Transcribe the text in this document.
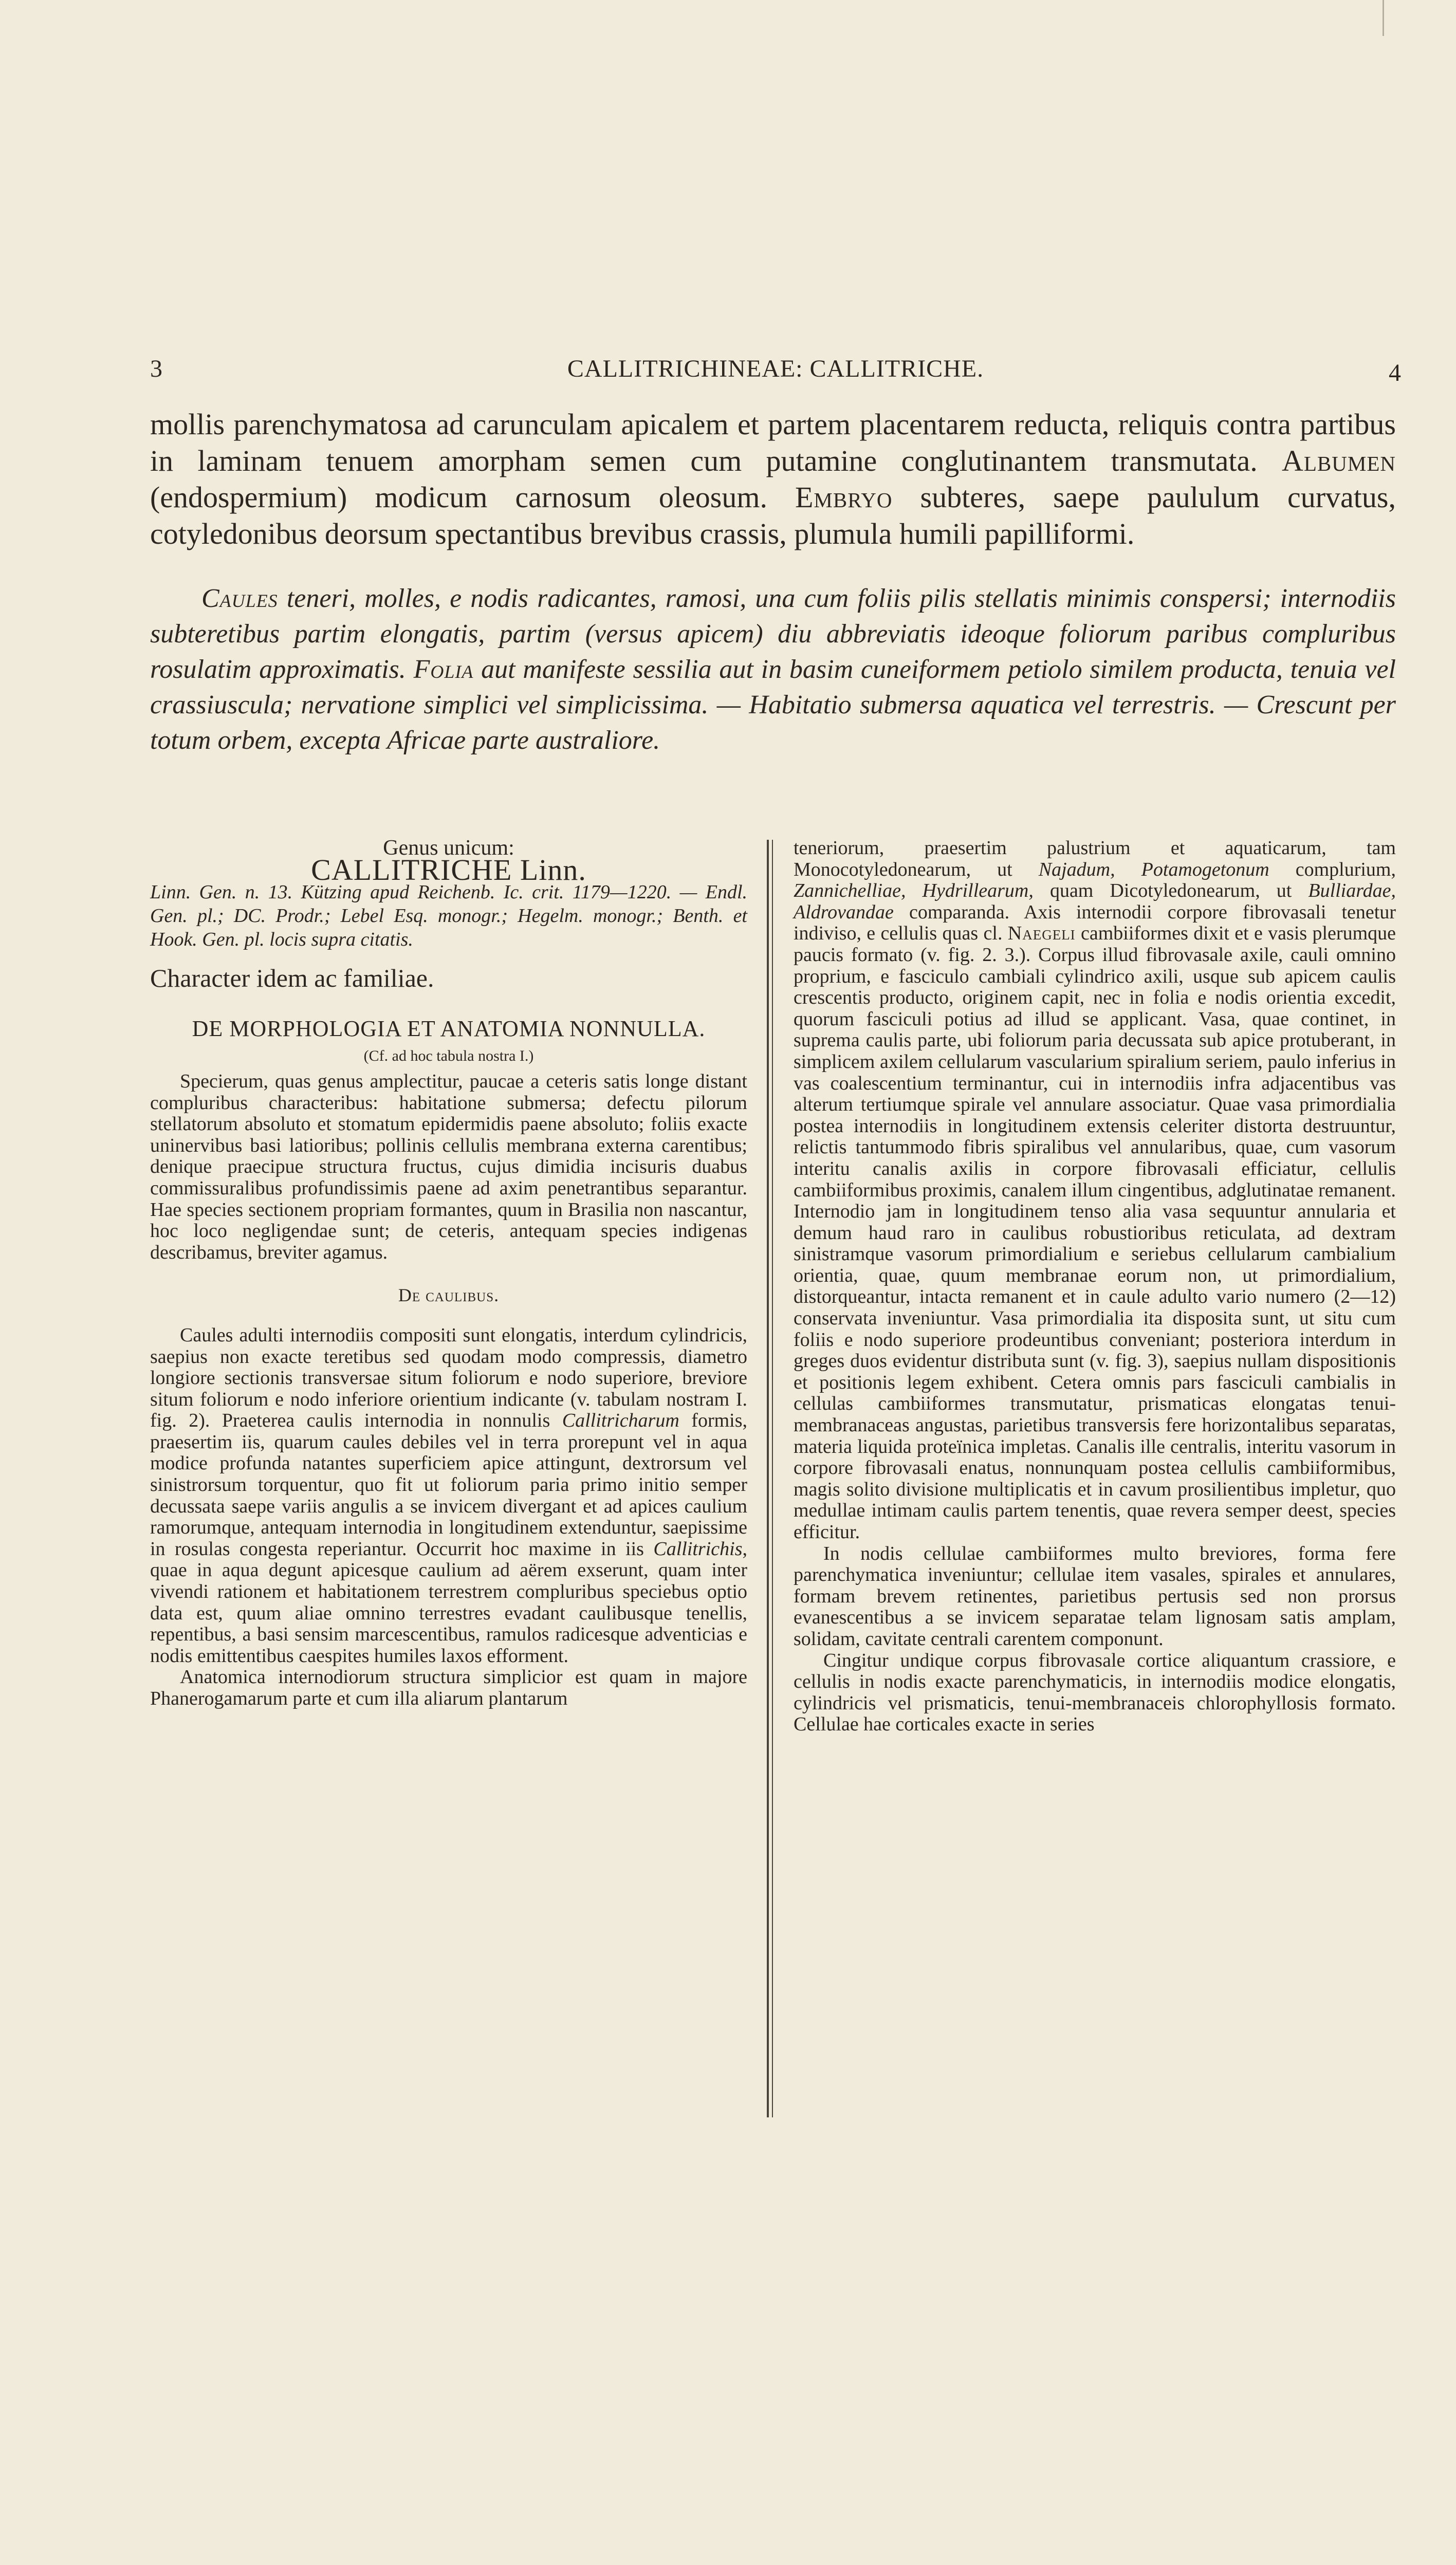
3	CALLITRICHINEAE: CALLITRICHE.	4

mollis parenchymatosa ad carunculam apicalem et partem placentarem reducta, reliquis contra partibus in laminam tenuem amorpham semen cum putamine conglutinantem transmutata. Albumen (endospermium) modicum carnosum oleosum. Embryo subteres, saepe paululum curvatus, cotyledonibus deorsum spectantibus brevibus crassis, plumula humili papilliformi.

Caules teneri, molles, e nodis radicantes, ramosi, una cum foliis pilis stellatis minimis conspersi; internodiis subteretibus partim elongatis, partim (versus apicem) diu abbreviatis ideoque foliorum paribus compluribus rosulatim approximatis. Folia aut manifeste sessilia aut in basim cuneiformem petiolo similem producta, tenuia vel crassiuscula; nervatione simplici vel simplicissima. — Habitatio submersa aquatica vel terrestris. — Crescunt per totum orbem, excepta Africae parte australiore.

Genus unicum:

CALLITRICHE Linn.

Linn. Gen. n. 13. Kützing apud Reichenb. Ic. crit. 1179—1220. — Endl. Gen. pl.; DC. Prodr.; Lebel Esq. monogr.; Hegelm. monogr.; Benth. et Hook. Gen. pl. locis supra citatis.

Character idem ac familiae.

DE MORPHOLOGIA ET ANATOMIA NONNULLA.

(Cf. ad hoc tabula nostra I.)

Specierum, quas genus amplectitur, paucae a ceteris satis longe distant compluribus characteribus: habitatione submersa; defectu pilorum stellatorum absoluto et stomatum epidermidis paene absoluto; foliis exacte uninervibus basi latioribus; pollinis cellulis membrana externa carentibus; denique praecipue structura fructus, cujus dimidia incisuris duabus commissuralibus profundissimis paene ad axim penetrantibus separantur. Hae species sectionem propriam formantes, quum in Brasilia non nascantur, hoc loco negligendae sunt; de ceteris, antequam species indigenas describamus, breviter agamus.

De caulibus.

Caules adulti internodiis compositi sunt elongatis, interdum cylindricis, saepius non exacte teretibus sed quodam modo compressis, diametro longiore sectionis transversae situm foliorum e nodo superiore, breviore situm foliorum e nodo inferiore orientium indicante (v. tabulam nostram I. fig. 2). Praeterea caulis internodia in nonnulis Callitricharum formis, praesertim iis, quarum caules debiles vel in terra prorepunt vel in aqua modice profunda natantes superficiem apice attingunt, dextrorsum vel sinistrorsum torquentur, quo fit ut foliorum paria primo initio semper decussata saepe variis angulis a se invicem divergant et ad apices caulium ramorumque, antequam internodia in longitudinem extenduntur, saepissime in rosulas congesta reperiantur. Occurrit hoc maxime in iis Callitrichis, quae in aqua degunt apicesque caulium ad aërem exserunt, quam inter vivendi rationem et habitationem terrestrem compluribus speciebus optio data est, quum aliae omnino terrestres evadant caulibusque tenellis, repentibus, a basi sensim marcescentibus, ramulos radicesque adventicias e nodis emittentibus caespites humiles laxos efforment.

Anatomica internodiorum structura simplicior est quam in majore Phanerogamarum parte et cum illa aliarum plantarum

teneriorum, praesertim palustrium et aquaticarum, tam Monocotyledonearum, ut Najadum, Potamogetonum complurium, Zannichelliae, Hydrillearum, quam Dicotyledonearum, ut Bulliardae, Aldrovandae comparanda. Axis internodii corpore fibrovasali tenetur indiviso, e cellulis quas cl. Naegeli cambiiformes dixit et e vasis plerumque paucis formato (v. fig. 2. 3.). Corpus illud fibrovasale axile, cauli omnino proprium, e fasciculo cambiali cylindrico axili, usque sub apicem caulis crescentis producto, originem capit, nec in folia e nodis orientia excedit, quorum fasciculi potius ad illud se applicant. Vasa, quae continet, in suprema caulis parte, ubi foliorum paria decussata sub apice protuberant, in simplicem axilem cellularum vascularium spiralium seriem, paulo inferius in vas coalescentium terminantur, cui in internodiis infra adjacentibus vas alterum tertiumque spirale vel annulare associatur. Quae vasa primordialia postea internodiis in longitudinem extensis celeriter distorta destruuntur, relictis tantummodo fibris spiralibus vel annularibus, quae, cum vasorum interitu canalis axilis in corpore fibrovasali efficiatur, cellulis cambiiformibus proximis, canalem illum cingentibus, adglutinatae remanent. Internodio jam in longitudinem tenso alia vasa sequuntur annularia et demum haud raro in caulibus robustioribus reticulata, ad dextram sinistramque vasorum primordialium e seriebus cellularum cambialium orientia, quae, quum membranae eorum non, ut primordialium, distorqueantur, intacta remanent et in caule adulto vario numero (2—12) conservata inveniuntur. Vasa primordialia ita disposita sunt, ut situ cum foliis e nodo superiore prodeuntibus conveniant; posteriora interdum in greges duos evidentur distributa sunt (v. fig. 3), saepius nullam dispositionis et positionis legem exhibent. Cetera omnis pars fasciculi cambialis in cellulas cambiiformes transmutatur, prismaticas elongatas tenui-membranaceas angustas, parietibus transversis fere horizontalibus separatas, materia liquida proteïnica impletas. Canalis ille centralis, interitu vasorum in corpore fibrovasali enatus, nonnunquam postea cellulis cambiiformibus, magis solito divisione multiplicatis et in cavum prosilientibus impletur, quo medullae intimam caulis partem tenentis, quae revera semper deest, species efficitur.

In nodis cellulae cambiiformes multo breviores, forma fere parenchymatica inveniuntur; cellulae item vasales, spirales et annulares, formam brevem retinentes, parietibus pertusis sed non prorsus evanescentibus a se invicem separatae telam lignosam satis amplam, solidam, cavitate centrali carentem componunt.

Cingitur undique corpus fibrovasale cortice aliquantum crassiore, e cellulis in nodis exacte parenchymaticis, in internodiis modice elongatis, cylindricis vel prismaticis, tenui-membranaceis chlorophyllosis formato. Cellulae hae corticales exacte in series
